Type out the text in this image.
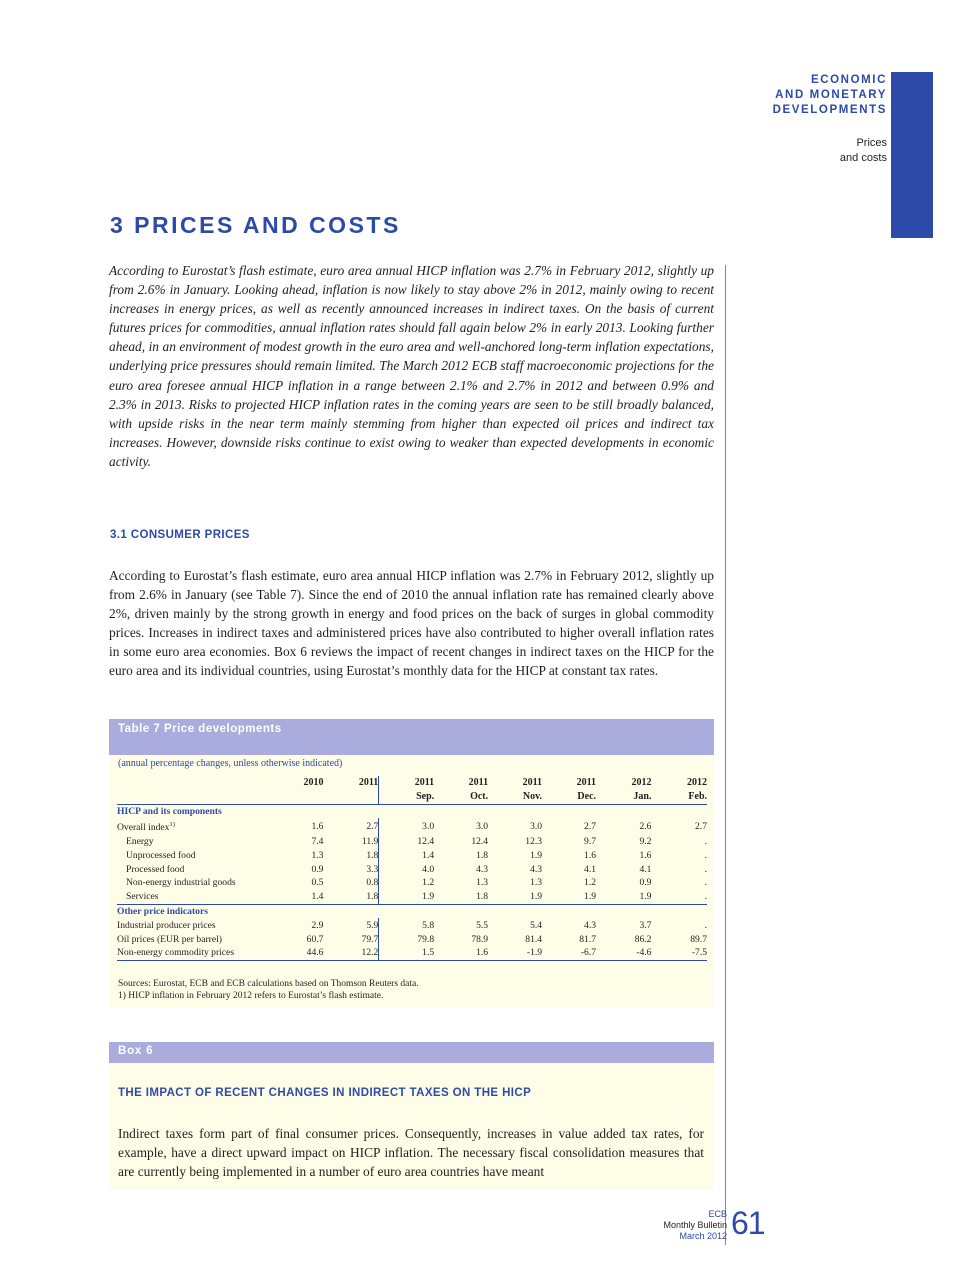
ECONOMIC
AND MONETARY
DEVELOPMENTS
Prices
and costs
3 PRICES AND COSTS

According to Eurostat’s flash estimate, euro area annual HICP inflation was 2.7% in February 2012, slightly up from 2.6% in January. Looking ahead, inflation is now likely to stay above 2% in 2012, mainly owing to recent increases in energy prices, as well as recently announced increases in indirect taxes. On the basis of current futures prices for commodities, annual inflation rates should fall again below 2% in early 2013. Looking further ahead, in an environment of modest growth in the euro area and well-anchored long-term inflation expectations, underlying price pressures should remain limited. The March 2012 ECB staff macroeconomic projections for the euro area foresee annual HICP inflation in a range between 2.1% and 2.7% in 2012 and between 0.9% and 2.3% in 2013. Risks to projected HICP inflation rates in the coming years are seen to be still broadly balanced, with upside risks in the near term mainly stemming from higher than expected oil prices and indirect tax increases. However, downside risks continue to exist owing to weaker than expected developments in economic activity.

3.1 CONSUMER PRICES

According to Eurostat’s flash estimate, euro area annual HICP inflation was 2.7% in February 2012, slightly up from 2.6% in January (see Table 7). Since the end of 2010 the annual inflation rate has remained clearly above 2%, driven mainly by the strong growth in energy and food prices on the back of surges in global commodity prices. Increases in indirect taxes and administered prices have also contributed to higher overall inflation rates in some euro area economies. Box 6 reviews the impact of recent changes in indirect taxes on the HICP for the euro area and its individual countries, using Eurostat’s monthly data for the HICP at constant tax rates.

Table 7 Price developments
(annual percentage changes, unless otherwise indicated)
	2010	2011	2011	2011	2011	2011	2012	2012
			Sep.	Oct.	Nov.	Dec.	Jan.	Feb.
HICP and its components								
Overall index$^{1)}$	1.6	2.7	3.0	3.0	3.0	2.7	2.6	2.7
Energy	7.4	11.9	12.4	12.4	12.3	9.7	9.2	.
Unprocessed food	1.3	1.8	1.4	1.8	1.9	1.6	1.6	.
Processed food	0.9	3.3	4.0	4.3	4.3	4.1	4.1	.
Non-energy industrial goods	0.5	0.8	1.2	1.3	1.3	1.2	0.9	.
Services	1.4	1.8	1.9	1.8	1.9	1.9	1.9	.
Other price indicators								
Industrial producer prices	2.9	5.9	5.8	5.5	5.4	4.3	3.7	.
Oil prices (EUR per barrel)	60.7	79.7	79.8	78.9	81.4	81.7	86.2	89.7
Non-energy commodity prices	44.6	12.2	1.5	1.6	-1.9	-6.7	-4.6	-7.5
Sources: Eurostat, ECB and ECB calculations based on Thomson Reuters data.
1) HICP inflation in February 2012 refers to Eurostat’s flash estimate.
Box 6
THE IMPACT OF RECENT CHANGES IN INDIRECT TAXES ON THE HICP

Indirect taxes form part of final consumer prices. Consequently, increases in value added tax rates, for example, have a direct upward impact on HICP inflation. The necessary fiscal consolidation measures that are currently being implemented in a number of euro area countries have meant

ECB
Monthly Bulletin
March 2012 61
